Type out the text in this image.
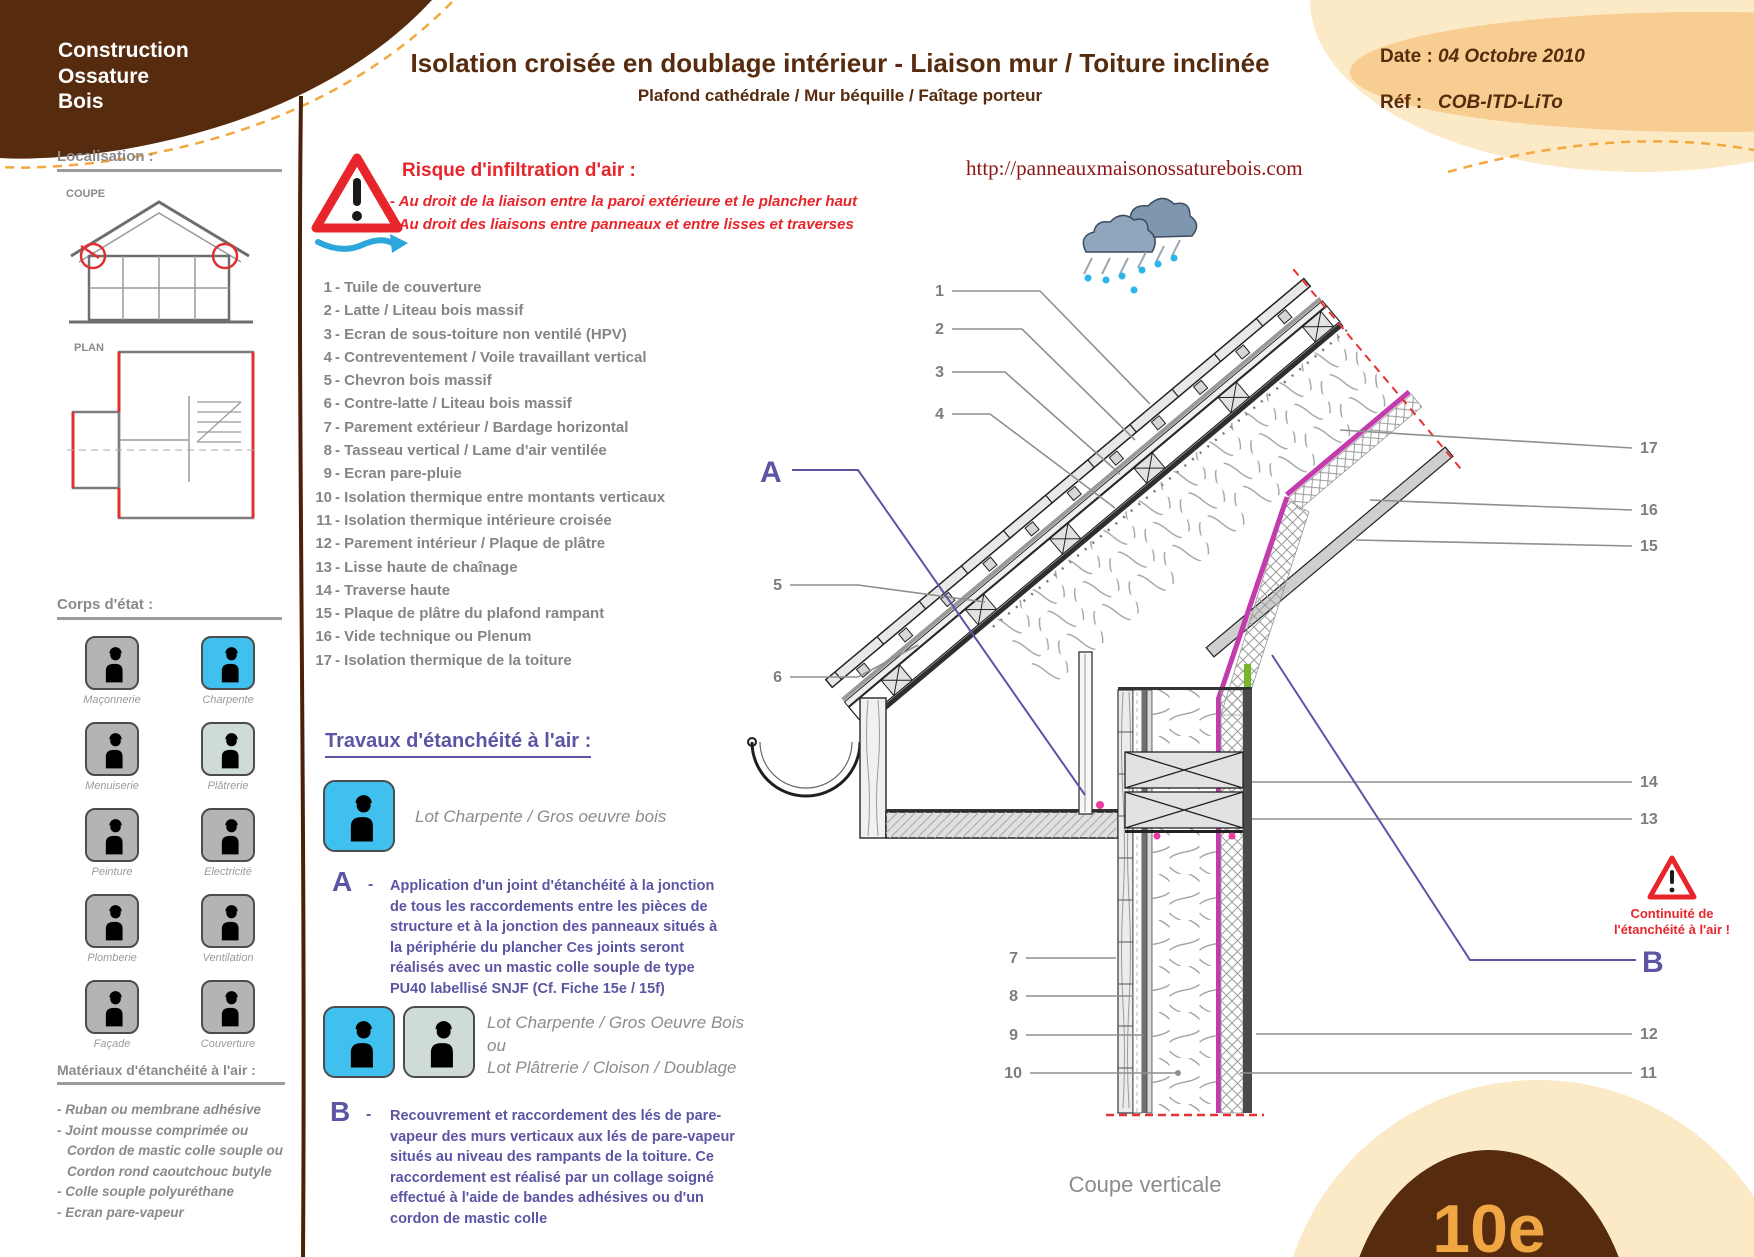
10e
Construction
Ossature
Bois
Isolation croisée en doublage intérieur - Liaison mur / Toiture inclinée
Plafond cathédrale / Mur béquille / Faîtage porteur
Date : 04 Octobre 2010
Réf : COB-ITD-LiTo
Localisation :
COUPE
PLAN
Corps d'état :
Maçonnerie	Charpente
Menuiserie	Plâtrerie
Peinture	Electricité
Plomberie	Ventilation
Façade	Couverture
Matériaux d'étanchéité à l'air :
- Ruban ou membrane adhésive
- Joint mousse comprimée ou
Cordon de mastic colle souple ou
Cordon rond caoutchouc butyle
- Colle souple polyuréthane
- Ecran pare-vapeur
Risque d'infiltration d'air :
- Au droit de la liaison entre la paroi extérieure et le plancher haut
- Au droit des liaisons entre panneaux et entre lisses et traverses
1 - Tuile de couverture
2 - Latte / Liteau bois massif
3 - Ecran de sous-toiture non ventilé (HPV)
4 - Contreventement / Voile travaillant vertical
5 - Chevron bois massif
6 - Contre-latte / Liteau bois massif
7 - Parement extérieur / Bardage horizontal
8 - Tasseau vertical / Lame d'air ventilée
9 - Ecran pare-pluie
10 - Isolation thermique entre montants verticaux
11 - Isolation thermique intérieure croisée
12 - Parement intérieur / Plaque de plâtre
13 - Lisse haute de chaînage
14 - Traverse haute
15 - Plaque de plâtre du plafond rampant
16 - Vide technique ou Plenum
17 - Isolation thermique de la toiture
Travaux d'étanchéité à l'air :
Lot Charpente / Gros oeuvre bois
A - Application d'un joint d'étanchéité à la jonction de tous les raccordements entre les pièces de structure et à la jonction des panneaux situés à la périphérie du plancher Ces joints seront réalisés avec un mastic colle souple de type PU40 labellisé SNJF (Cf. Fiche 15e / 15f)
Lot Charpente / Gros Oeuvre Bois
ou
Lot Plâtrerie / Cloison / Doublage
B - Recouvrement et raccordement des lés de pare-vapeur des murs verticaux aux lés de pare-vapeur situés au niveau des rampants de la toiture. Ce raccordement est réalisé par un collage soigné effectué à l'aide de bandes adhésives ou d'un cordon de mastic colle
http://panneauxmaisonossaturebois.com
1
2
3
4
5
6
7
8
9
10
17
16
15
14
13
12
11
A
B
Continuité de
l'étanchéité à l'air !
Coupe verticale
